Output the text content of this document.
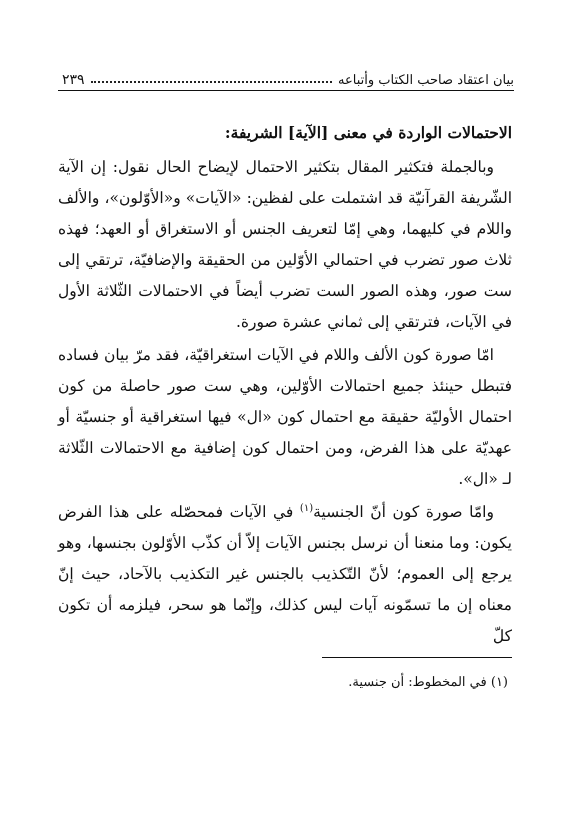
بيان اعتقاد صاحب الكتاب وأتباعه
٢٣٩
الاحتمالات الواردة في معنى [الآية] الشريفة:

وبالجملة فتكثير المقال بتكثير الاحتمال لإيضاح الحال نقول: إن الآية الشّريفة القرآنيّة قد اشتملت على لفظين: «الآيات» و«الأوّلون»، والألف واللام في كليهما، وهي إمّا لتعريف الجنس أو الاستغراق أو العهد؛ فهذه ثلاث صور تضرب في احتمالي الأوّلين من الحقيقة والإضافيّة، ترتقي إلى ست صور، وهذه الصور الست تضرب أيضاً في الاحتمالات الثّلاثة الأول في الآيات، فترتقي إلى ثماني عشرة صورة.

امّا صورة كون الألف واللام في الآيات استغراقيّة، فقد مرّ بيان فساده فتبطل حينئذ جميع احتمالات الأوّلين، وهي ست صور حاصلة من كون احتمال الأوليّة حقيقة مع احتمال كون «ال» فيها استغراقية أو جنسيّة أو عهديّة على هذا الفرض، ومن احتمال كون إضافية مع الاحتمالات الثّلاثة لـ «ال».

وامّا صورة كون أنّ الجنسية$^{(١)}$ في الآيات فمحصّله على هذا الفرض يكون: وما منعنا أن نرسل بجنس الآيات إلاّ أن كذّب الأوّلون بجنسها، وهو يرجع إلى العموم؛ لأنّ التّكذيب بالجنس غير التكذيب بالآحاد، حيث إنّ معناه إن ما تسمّونه آيات ليس كذلك، وإنّما هو سحر، فيلزمه أن تكون كلّ

(١) في المخطوط: أن جنسية.
